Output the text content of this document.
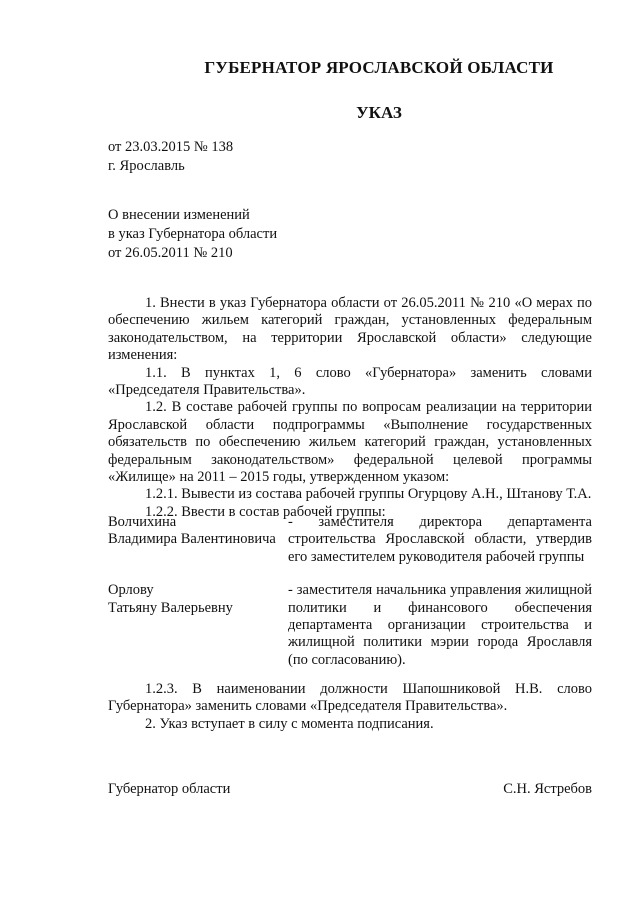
ГУБЕРНАТОР ЯРОСЛАВСКОЙ ОБЛАСТИ
УКАЗ
от 23.03.2015 № 138
г. Ярославль
О внесении изменений
в указ Губернатора области
от 26.05.2011 № 210

1. Внести в указ Губернатора области от 26.05.2011 № 210 «О мерах по обеспечению жильем категорий граждан, установленных федеральным законодательством, на территории Ярославской области» следующие изменения:

1.1. В пунктах 1, 6 слово «Губернатора» заменить словами «Председателя Правительства».

1.2. В составе рабочей группы по вопросам реализации на территории Ярославской области подпрограммы «Выполнение государственных обязательств по обеспечению жильем категорий граждан, установленных федеральным законодательством» федеральной целевой программы «Жилище» на 2011 – 2015 годы, утвержденном указом:

1.2.1. Вывести из состава рабочей группы Огурцову А.Н., Штанову Т.А.

1.2.2. Ввести в состав рабочей группы:

Волчихина
Владимира Валентиновича
- заместителя директора департамента строительства Ярославской области, утвердив его заместителем руководителя рабочей группы
Орлову
Татьяну Валерьевну
- заместителя начальника управления жилищной политики и финансового обеспечения департамента организации строительства и жилищной политики мэрии города Ярославля (по согласованию).

1.2.3. В наименовании должности Шапошниковой Н.В. слово Губернатора» заменить словами «Председателя Правительства».

2. Указ вступает в силу с момента подписания.

Губернатор области	С.Н. Ястребов
